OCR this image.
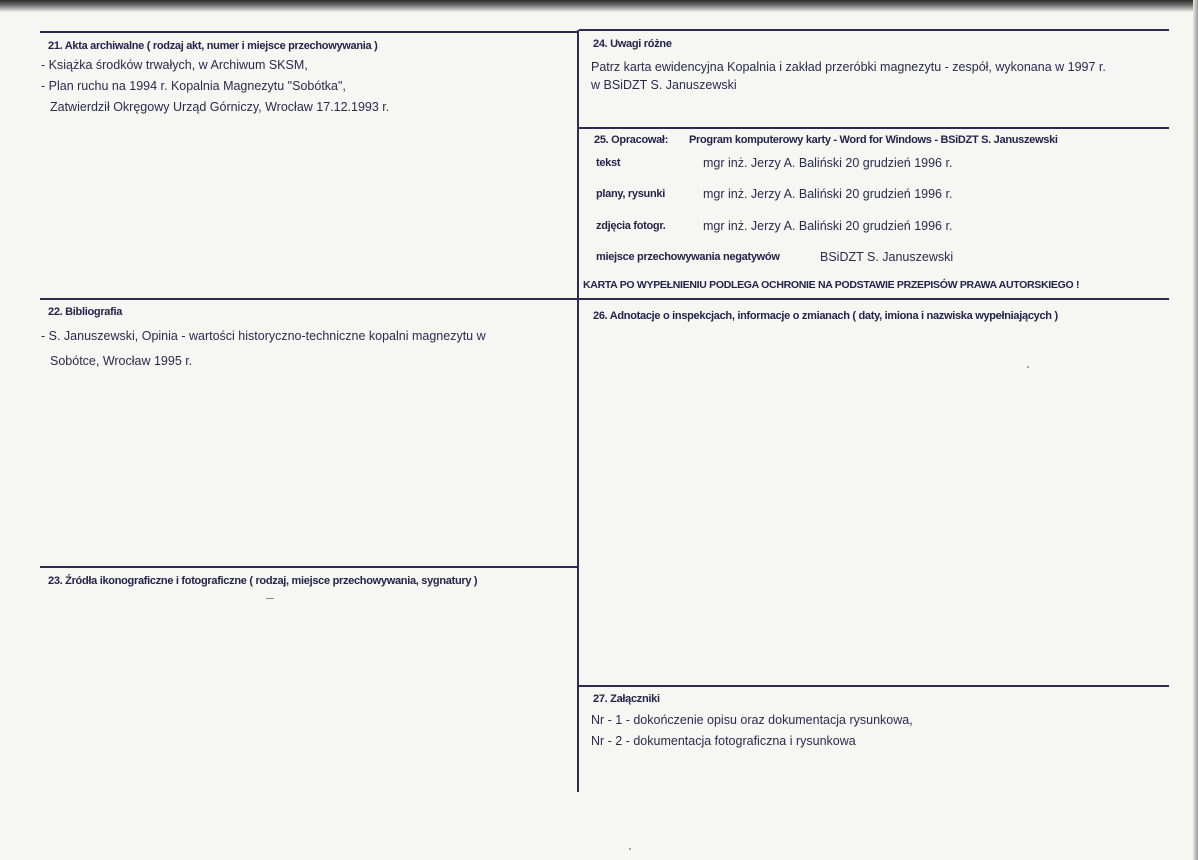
21. Akta archiwalne ( rodzaj akt, numer i miejsce przechowywania )
- Książka środków trwałych, w Archiwum SKSM,
- Plan ruchu na 1994 r. Kopalnia Magnezytu "Sobótka",
Zatwierdził Okręgowy Urząd Górniczy, Wrocław 17.12.1993 r.
22. Bibliografia
- S. Januszewski, Opinia - wartości historyczno-techniczne kopalni magnezytu w
Sobótce, Wrocław 1995 r.
23. Źródła ikonograficzne i fotograficzne ( rodzaj, miejsce przechowywania, sygnatury )
24. Uwagi różne
Patrz karta ewidencyjna Kopalnia i zakład przeróbki magnezytu - zespół, wykonana w 1997 r.
w BSiDZT S. Januszewski
25. Opracował: Program komputerowy karty - Word for Windows - BSiDZT S. Januszewski
tekst	mgr inż. Jerzy A. Baliński 20 grudzień 1996 r.
plany, rysunki	mgr inż. Jerzy A. Baliński 20 grudzień 1996 r.
zdjęcia fotogr.	mgr inż. Jerzy A. Baliński 20 grudzień 1996 r.
miejsce przechowywania negatywów	BSiDZT S. Januszewski
KARTA PO WYPEŁNIENIU PODLEGA OCHRONIE NA PODSTAWIE PRZEPISÓW PRAWA AUTORSKIEGO !
26. Adnotacje o inspekcjach, informacje o zmianach ( daty, imiona i nazwiska wypełniających )
27. Załączniki
Nr - 1 - dokończenie opisu oraz dokumentacja rysunkowa,
Nr - 2 - dokumentacja fotograficzna i rysunkowa
